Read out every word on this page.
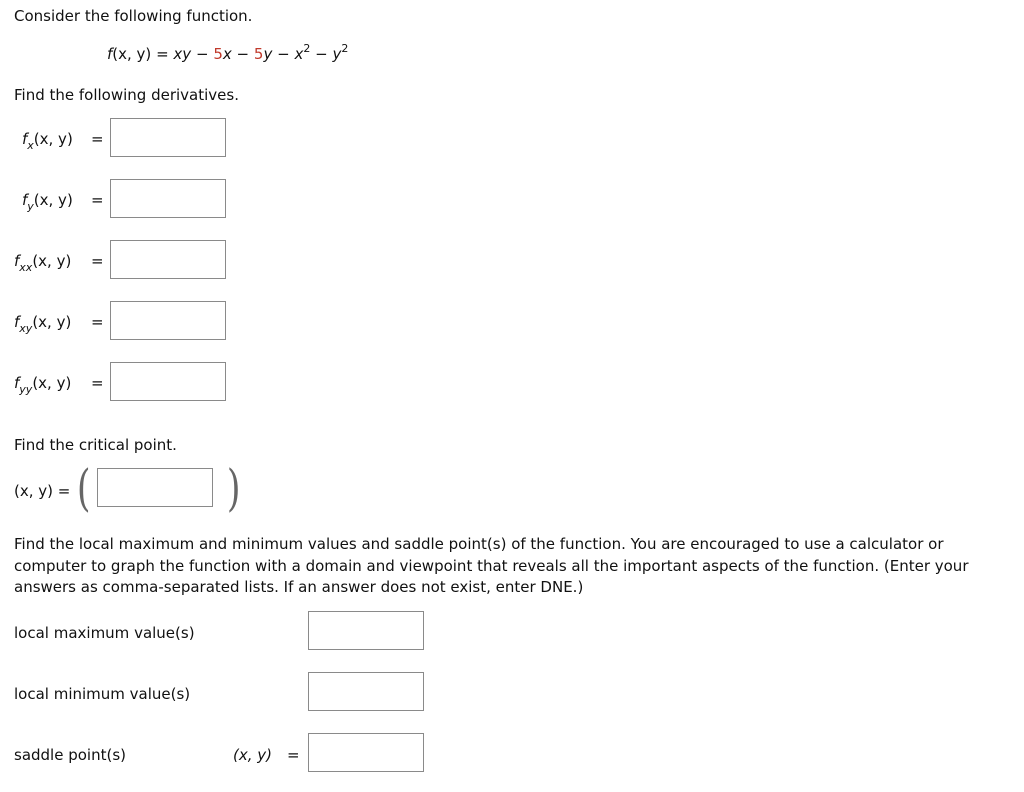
Consider the following function.
f(x, y) = xy − $5x - 5y - x^2 - y^2$
Find the following derivatives.
$f_x(x$, y) =
$f_y(x$, y) =
$f_{xx}(x$, y) =
$f_{xy}(x$, y) =
$f_{yy}(x$, y) =
Find the critical point.
(x, y) = (	)
Find the local maximum and minimum values and saddle point(s) of the function. You are encouraged to use a calculator or computer to graph the function with a domain and viewpoint that reveals all the important aspects of the function. (Enter your answers as comma-separated lists. If an answer does not exist, enter DNE.)
local maximum value(s)
local minimum value(s)
saddle point(s)	(x, y) =
